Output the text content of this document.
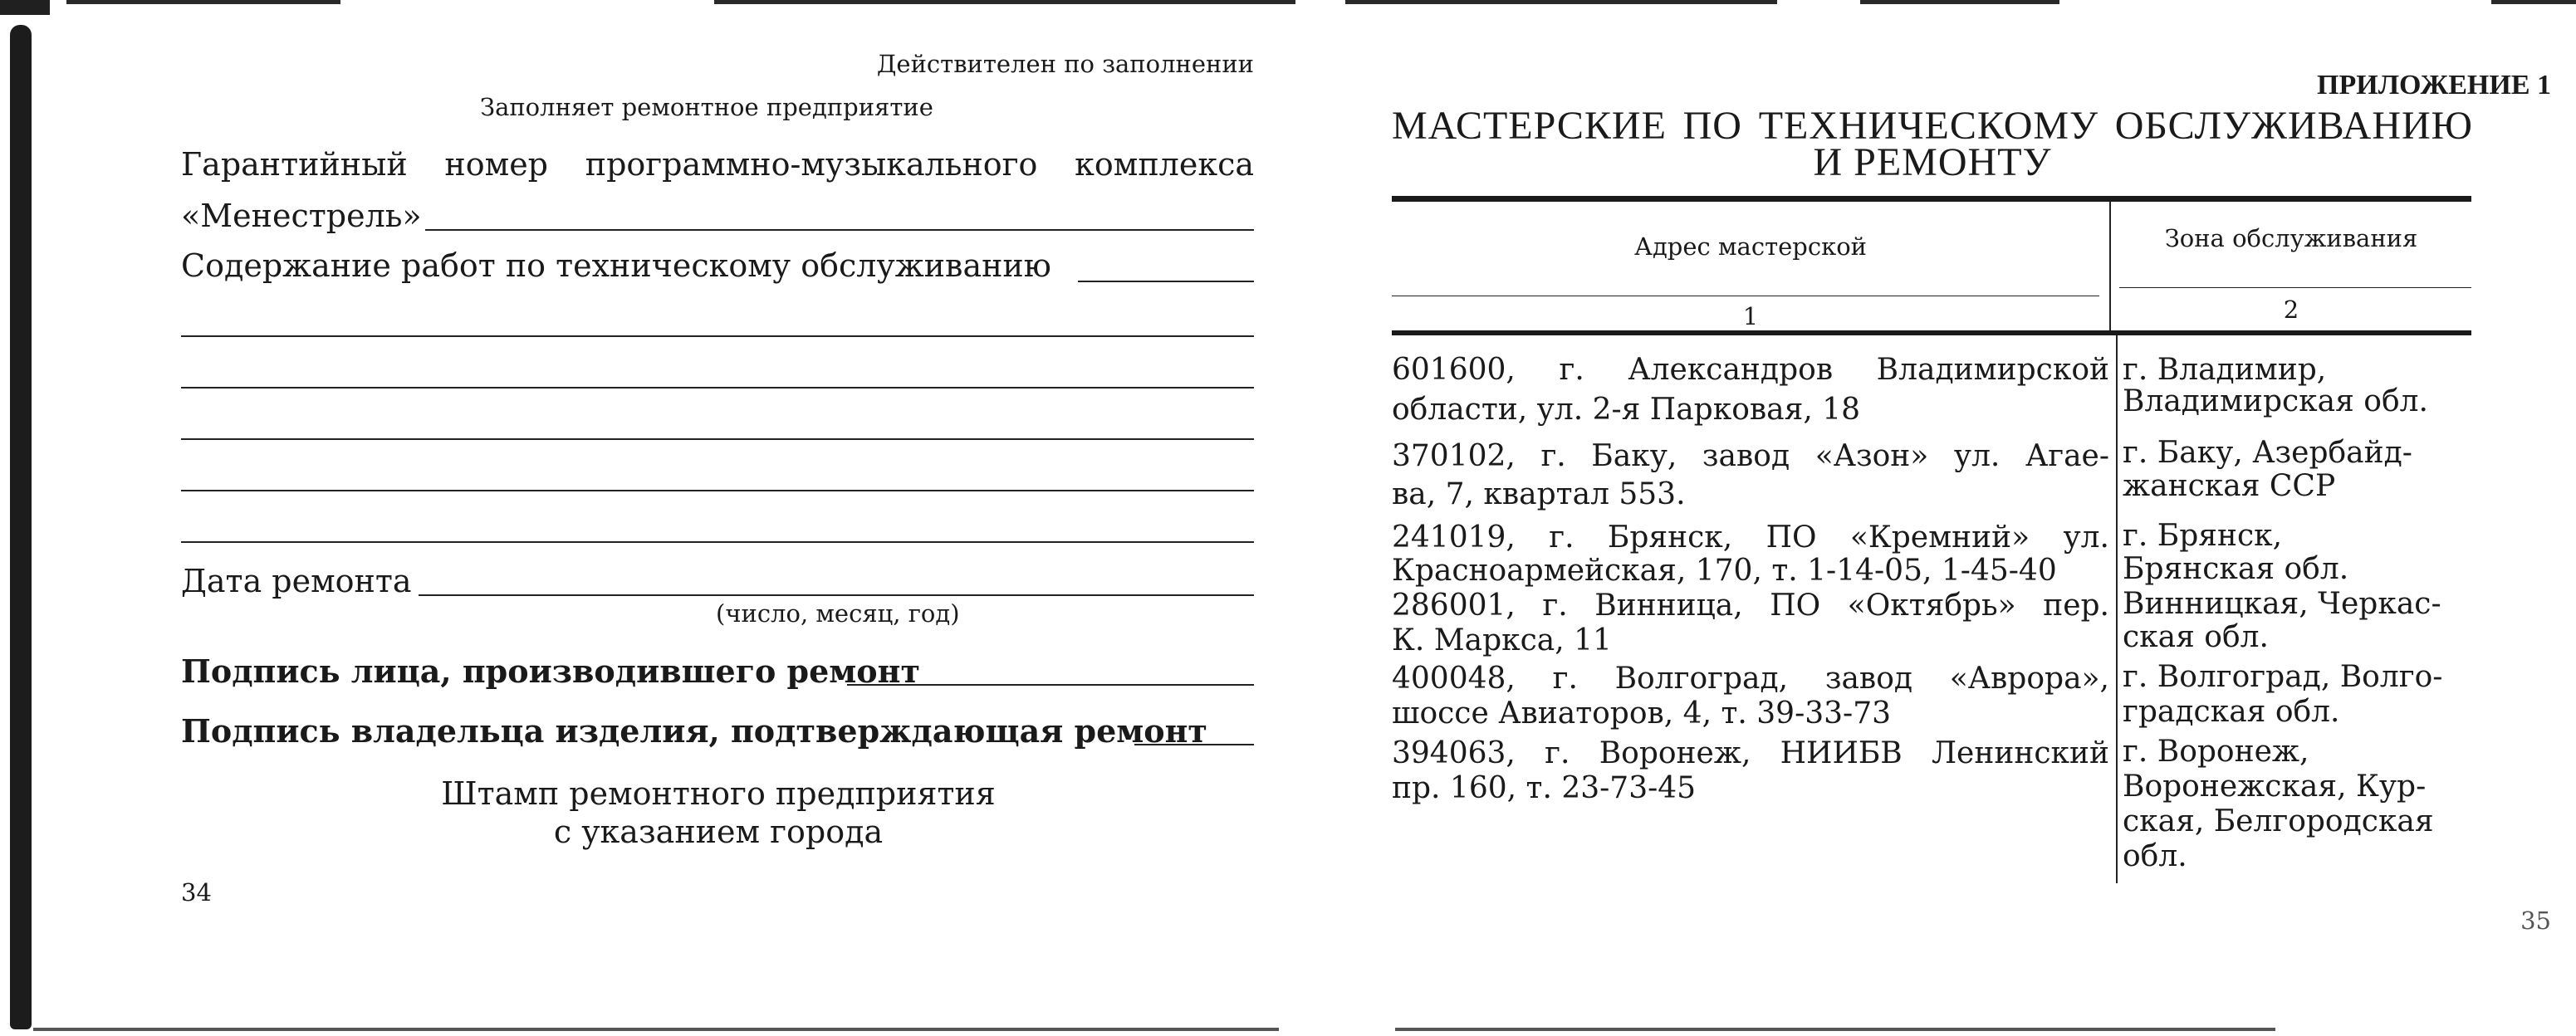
Действителен по заполнении
Заполняет ремонтное предприятие
Гарантийный номер программно-музыкального комплекса
«Менестрель»
Содержание работ по техническому обслуживанию
Дата ремонта
(число, месяц, год)
Подпись лица, производившего ремонт
Подпись владельца изделия, подтверждающая ремонт
Штамп ремонтного предприятия
с указанием города
34
ПРИЛОЖЕНИЕ 1
МАСТЕРСКИЕ ПО ТЕХНИЧЕСКОМУ ОБСЛУЖИВАНИЮ
И РЕМОНТУ
Адрес мастерской	Зона обслуживания
1	2
601600, г. Александров Владимирской
области, ул. 2-я Парковая, 18
г. Владимир,
Владимирская обл.
370102, г. Баку, завод «Азон» ул. Агае-
ва, 7, квартал 553.
г. Баку, Азербайд-
жанская ССР
241019, г. Брянск, ПО «Кремний» ул.
Красноармейская, 170, т. 1-14-05, 1-45-40
г. Брянск,
Брянская обл.
286001, г. Винница, ПО «Октябрь» пер.
К. Маркса, 11
Винницкая, Черкас-
ская обл.
400048, г. Волгоград, завод «Аврора»,
шоссе Авиаторов, 4, т. 39-33-73
г. Волгоград, Волго-
градская обл.
394063, г. Воронеж, НИИБВ Ленинский
пр. 160, т. 23-73-45
г. Воронеж,
Воронежская, Кур-
ская, Белгородская
обл.
35
